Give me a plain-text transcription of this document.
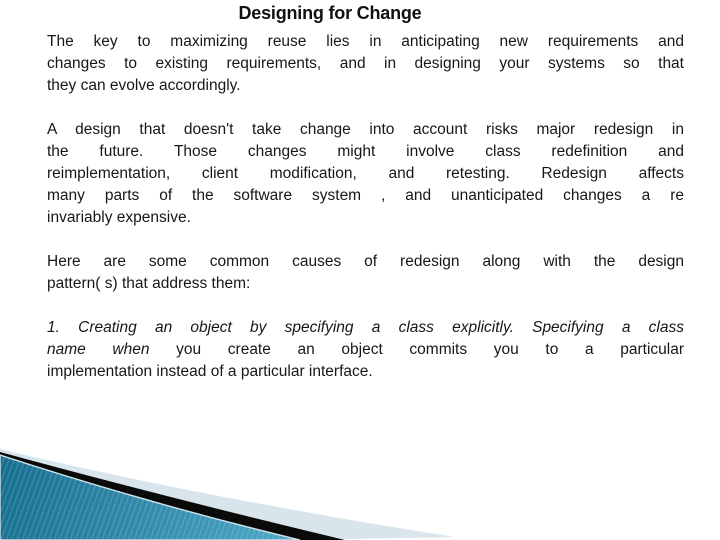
Designing for Change
The key to maximizing reuse lies in anticipating new requirements and
changes to existing requirements, and in designing your systems so that
they can evolve accordingly.
A design that doesn't take change into account risks major redesign in
the future. Those changes might involve class redefinition and
reimplementation, client modification, and retesting. Redesign affects
many parts of the software system , and unanticipated changes a re
invariably expensive.
Here are some common causes of redesign along with the design
pattern( s) that address them:
1. Creating an object by specifying a class explicitly. Specifying a class
name when you create an object commits you to a particular
implementation instead of a particular interface.
